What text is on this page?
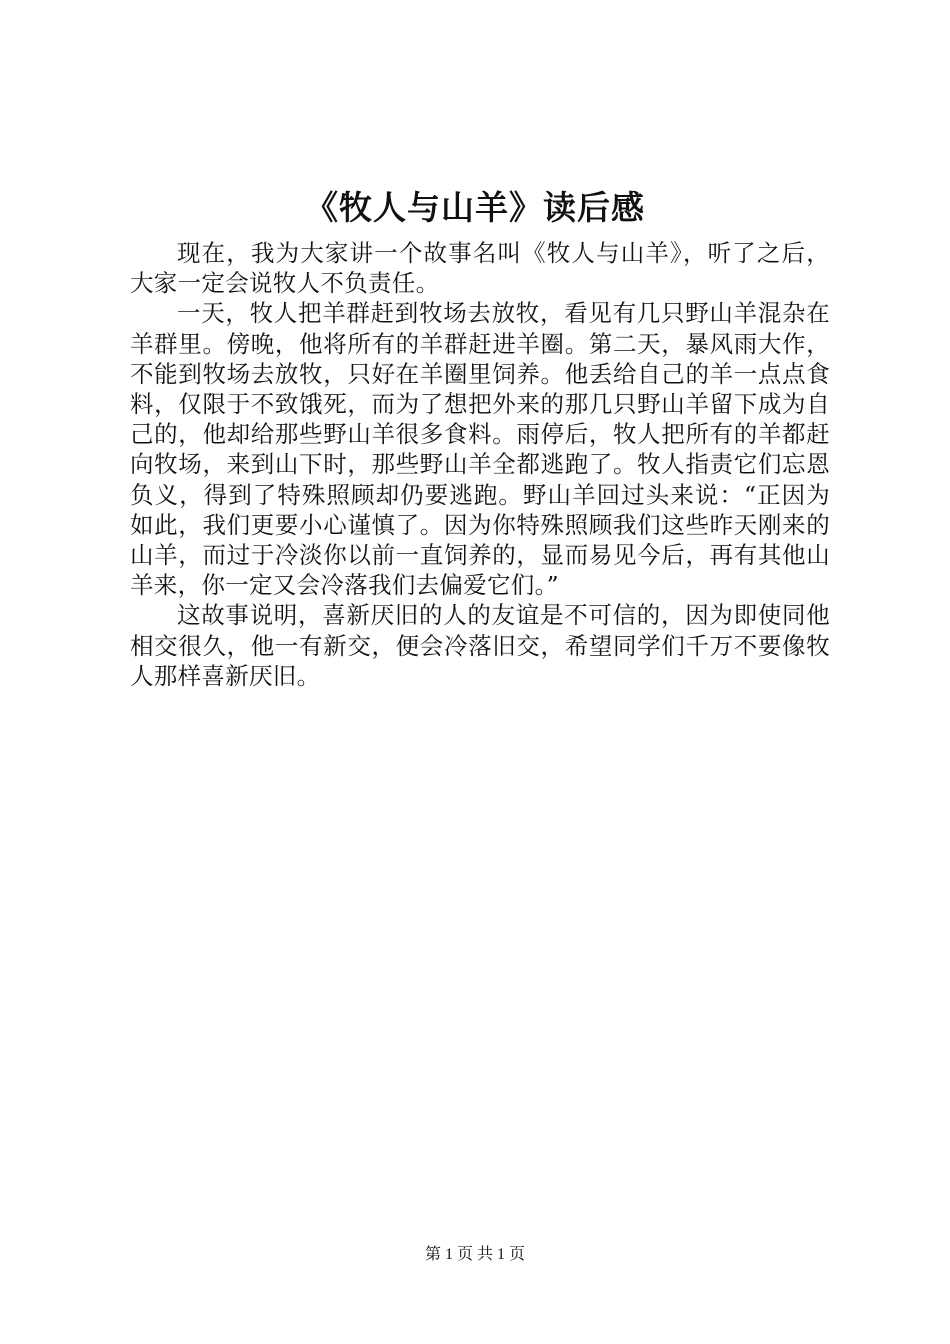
《牧人与山羊》读后感

现在，我为大家讲一个故事名叫《牧人与山羊》，听了之后，大家一定会说牧人不负责任。

一天，牧人把羊群赶到牧场去放牧，看见有几只野山羊混杂在羊群里。傍晚，他将所有的羊群赶进羊圈。第二天，暴风雨大作，不能到牧场去放牧，只好在羊圈里饲养。他丢给自己的羊一点点食料，仅限于不致饿死，而为了想把外来的那几只野山羊留下成为自己的，他却给那些野山羊很多食料。雨停后，牧人把所有的羊都赶向牧场，来到山下时，那些野山羊全都逃跑了。牧人指责它们忘恩负义，得到了特殊照顾却仍要逃跑。野山羊回过头来说：“正因为如此，我们更要小心谨慎了。因为你特殊照顾我们这些昨天刚来的山羊，而过于冷淡你以前一直饲养的，显而易见今后，再有其他山羊来，你一定又会冷落我们去偏爱它们。”

这故事说明，喜新厌旧的人的友谊是不可信的，因为即使同他相交很久，他一有新交，便会冷落旧交，希望同学们千万不要像牧人那样喜新厌旧。

第 1 页 共 1 页
